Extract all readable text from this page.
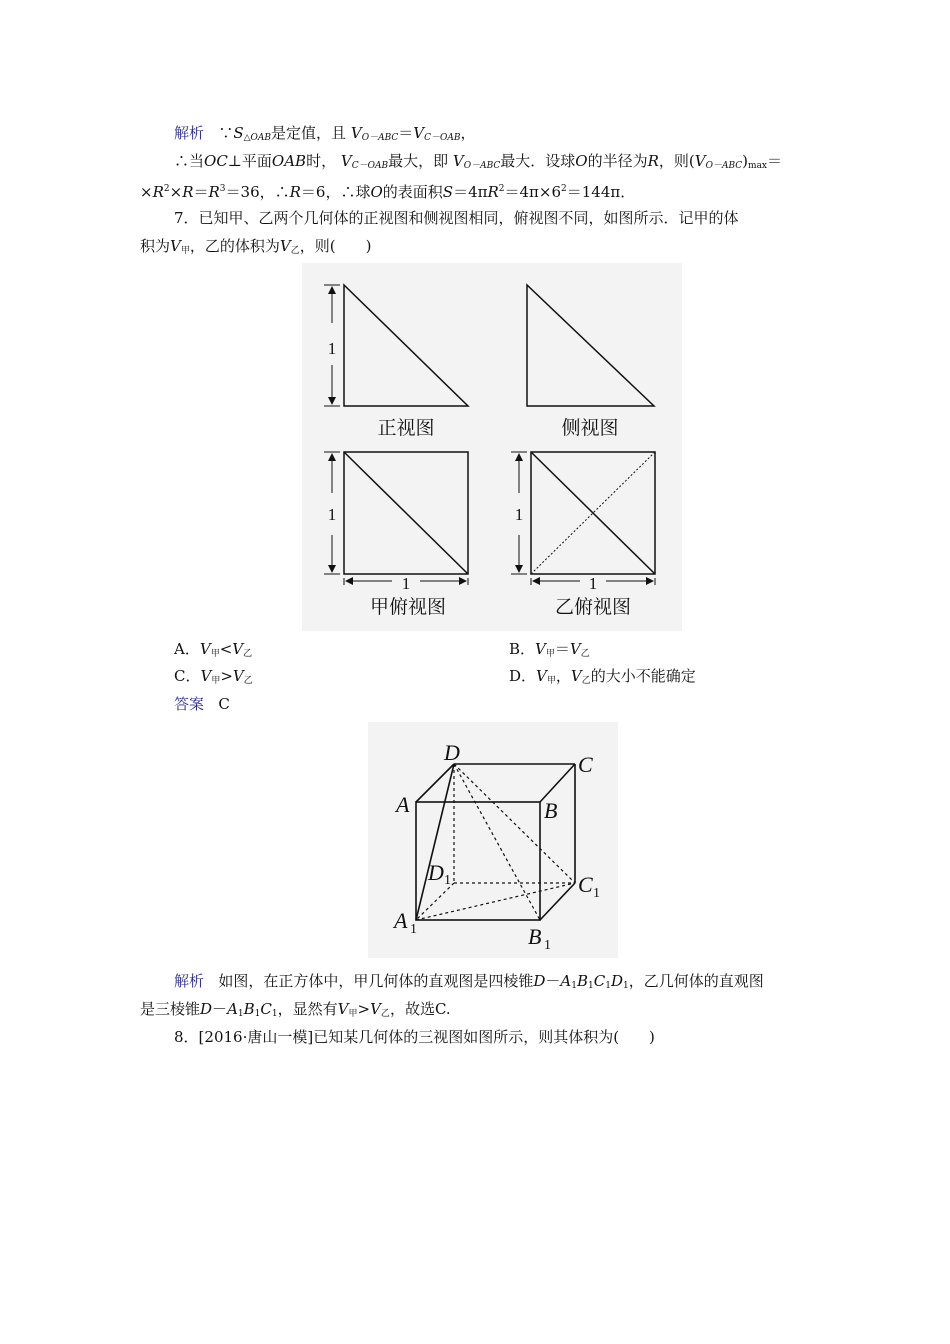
解析 $\because S_{\triangle OAB}$是定值，且 $V_{O-ABC}=V_{C-OAB}$，
∴当OC⊥平面OAB时， $V_{C-OAB}$最大，即 $V_{O-ABC}$最大．设球O的半径为R，则$(V_{O-ABC})_{max}=$
$\times R^2\times R=R^3=36$，∴R＝6，∴球O的表面积$S=4\pi R^2=4\pi\times 6^2=144\pi$．
7．已知甲、乙两个几何体的正视图和侧视图相同，俯视图不同，如图所示．记甲的体
积为$V_甲$，乙的体积为$V_乙$，则(　　)
1
正视图	侧视图
1
1
甲俯视图
1
1
乙俯视图
A．$V_甲<V_乙$	B．$V_甲=V_乙$
C．$V_甲>V_乙$	D．$V_甲$，$V_乙$的大小不能确定
答案 C
D	C
A	B
D	C
A
B
1
1
1
1
解析 如图，在正方体中，甲几何体的直观图是四棱锥$D-A_1B_1C_1D_1$，乙几何体的直观图
是三棱锥$D-A_1B_1C_1$，显然有$V_甲>V_乙$，故选C.
8．[2016·唐山一模]已知某几何体的三视图如图所示，则其体积为(　　)
